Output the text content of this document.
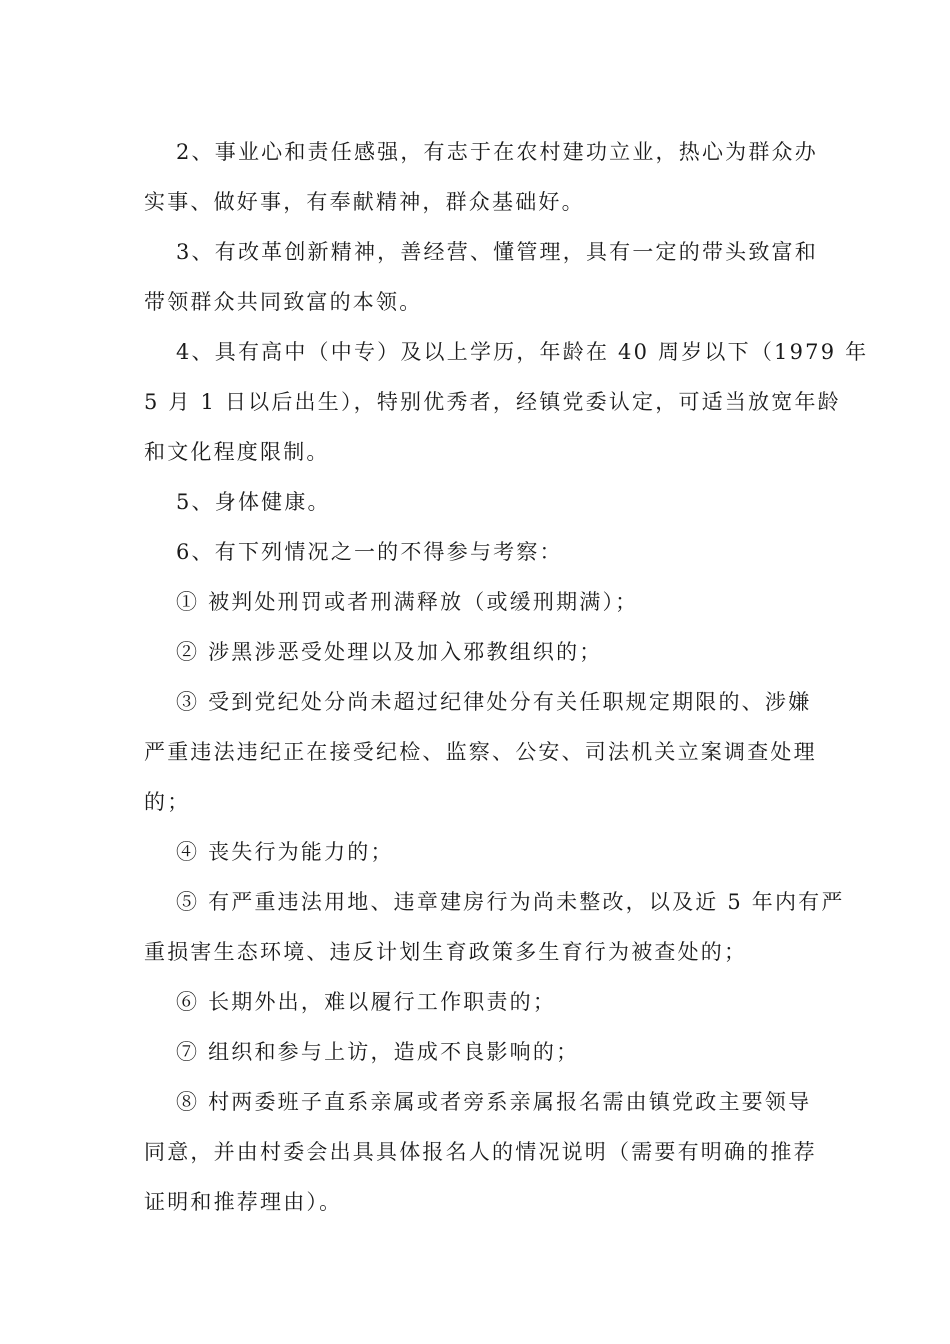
2、事业心和责任感强，有志于在农村建功立业，热心为群众办
实事、做好事，有奉献精神，群众基础好。
3、有改革创新精神，善经营、懂管理，具有一定的带头致富和
带领群众共同致富的本领。
4、具有高中（中专）及以上学历，年龄在 40 周岁以下（1979 年
5 月 1 日以后出生），特别优秀者，经镇党委认定，可适当放宽年龄
和文化程度限制。
5、身体健康。
6、有下列情况之一的不得参与考察：
① 被判处刑罚或者刑满释放（或缓刑期满）；
② 涉黑涉恶受处理以及加入邪教组织的；
③ 受到党纪处分尚未超过纪律处分有关任职规定期限的、涉嫌
严重违法违纪正在接受纪检、监察、公安、司法机关立案调查处理
的；
④ 丧失行为能力的；
⑤ 有严重违法用地、违章建房行为尚未整改，以及近 5 年内有严
重损害生态环境、违反计划生育政策多生育行为被查处的；
⑥ 长期外出，难以履行工作职责的；
⑦ 组织和参与上访，造成不良影响的；
⑧ 村两委班子直系亲属或者旁系亲属报名需由镇党政主要领导
同意，并由村委会出具具体报名人的情况说明（需要有明确的推荐
证明和推荐理由）。
